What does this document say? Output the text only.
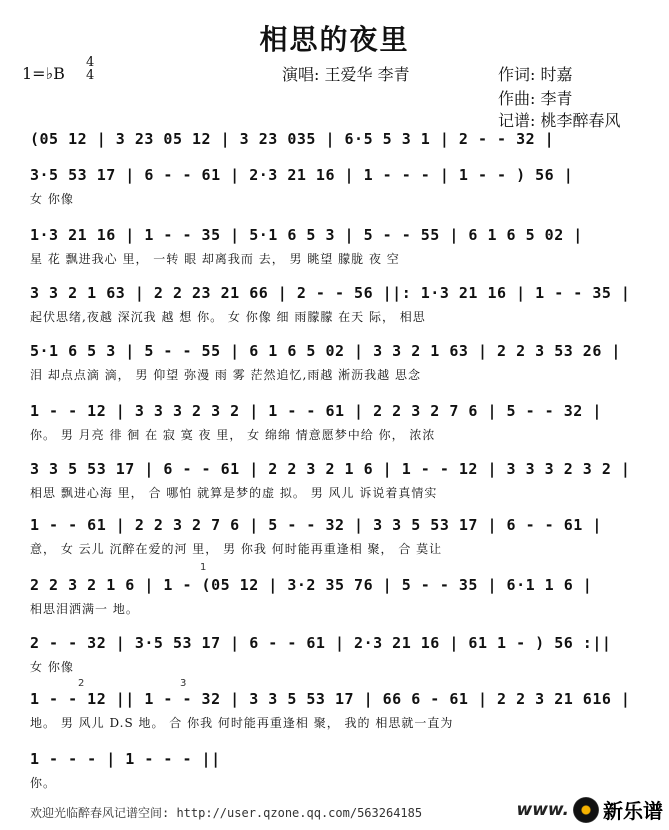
相思的夜里
1=♭B
4
4	演唱: 王爱华 李青	作词: 时嘉
作曲: 李青
记谱: 桃李醉春风
(05 12 | 3 23 05 12 | 3 23 035 | 6·5 5 3 1 | 2 - - 32 |
3·5 53 17 | 6 - - 61 | 2·3 21 16 | 1 - - - | 1 - - ) 56 |
女 你像
1·3 21 16 | 1 - - 35 | 5·1 6 5 3 | 5 - - 55 | 6 1 6 5 02 |
星 花 飘进我心 里， 一转 眼 却离我而 去， 男 眺望 朦胧 夜 空
3 3 2 1 63 | 2 2 23 21 66 | 2 - - 56 ||: 1·3 21 16 | 1 - - 35 |
起伏思绪,夜越 深沉我 越 想 你。 女 你像 细 雨朦朦 在天 际， 相思
5·1 6 5 3 | 5 - - 55 | 6 1 6 5 02 | 3 3 2 1 63 | 2 2 3 53 26 |
泪 却点点滴 滴， 男 仰望 弥漫 雨 雾 茫然追忆,雨越 淅沥我越 思念
1 - - 12 | 3 3 3 2 3 2 | 1 - - 61 | 2 2 3 2 7 6 | 5 - - 32 |
你。 男 月亮 徘 徊 在 寂 寞 夜 里， 女 绵绵 情意愿梦中给 你， 浓浓
3 3 5 53 17 | 6 - - 61 | 2 2 3 2 1 6 | 1 - - 12 | 3 3 3 2 3 2 |
相思 飘进心海 里， 合 哪怕 就算是梦的虚 拟。 男 风儿 诉说着真情实
1 - - 61 | 2 2 3 2 7 6 | 5 - - 32 | 3 3 5 53 17 | 6 - - 61 |
意， 女 云儿 沉醉在爱的河 里， 男 你我 何时能再重逢相 聚， 合 莫让
2 2 3 2 1 6 | 1 - (05 12 | 3·2 35 76 | 5 - - 35 | 6·1 1 6 |
相思泪洒满一 地。
2 - - 32 | 3·5 53 17 | 6 - - 61 | 2·3 21 16 | 61 1 - ) 56 :||
女 你像
1 - - 12 || 1 - - 32 | 3 3 5 53 17 | 66 6 - 61 | 2 2 3 21 616 |
地。 男 风儿 D.S 地。 合 你我 何时能再重逢相 聚， 我的 相思就一直为
1 - - - | 1 - - - ||
你。
1
2	3
欢迎光临醉春风记谱空间: http://user.qzone.qq.com/563264185	www. 新乐谱
